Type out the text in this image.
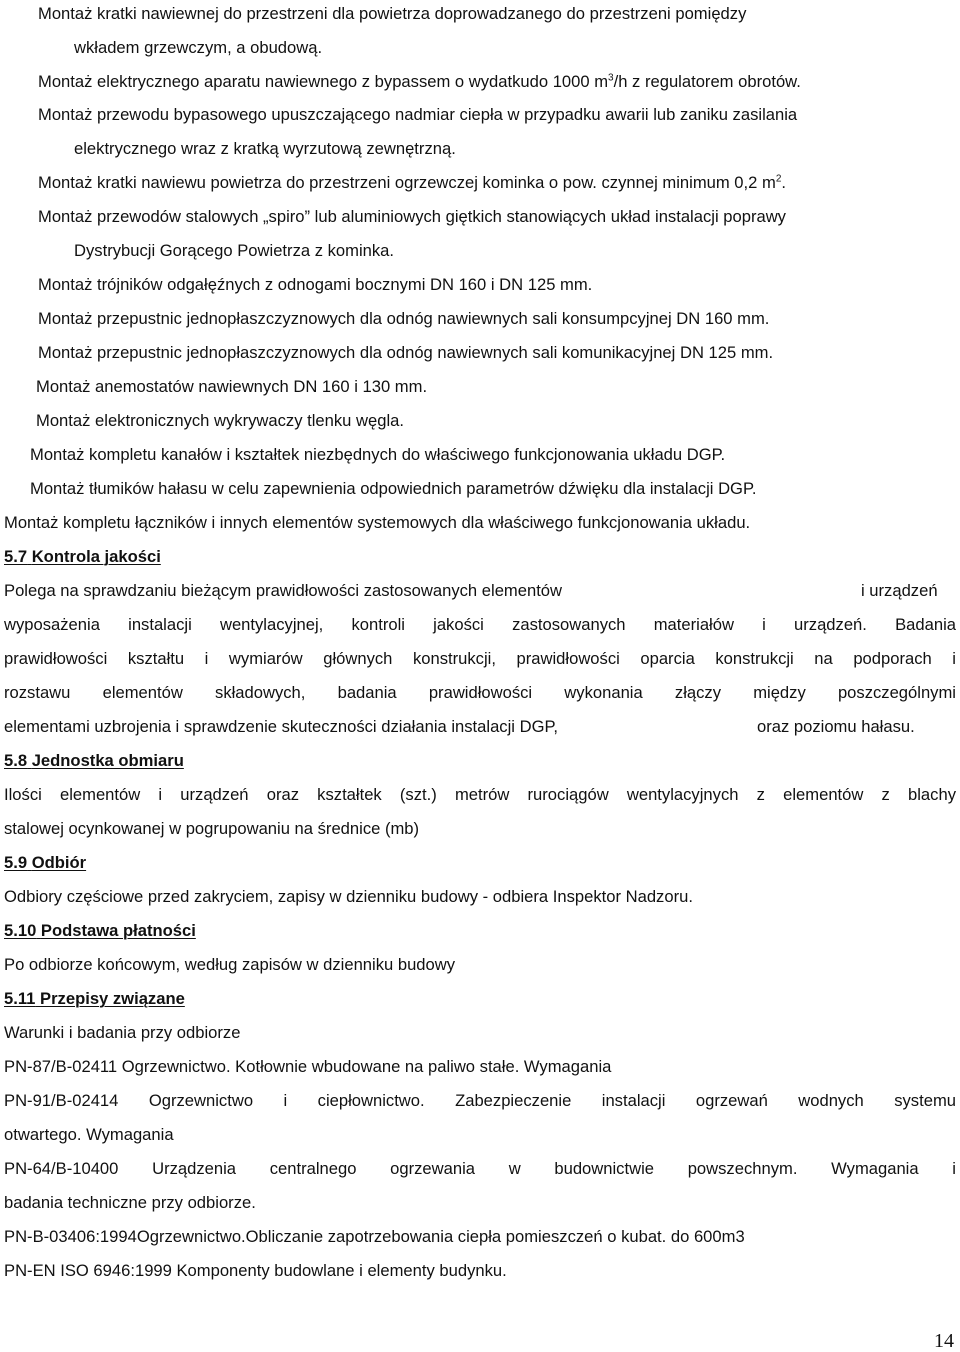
Montaż kratki nawiewnej do przestrzeni dla powietrza doprowadzanego do przestrzeni pomiędzy
wkładem grzewczym, a obudową.
Montaż elektrycznego aparatu nawiewnego z bypassem o wydatkudo 1000 $m^3/h$ z regulatorem obrotów.
Montaż przewodu bypasowego upuszczającego nadmiar ciepła w przypadku awarii lub zaniku zasilania
elektrycznego wraz z kratką wyrzutową zewnętrzną.
Montaż kratki nawiewu powietrza do przestrzeni ogrzewczej kominka o pow. czynnej minimum 0,2 $m^2$.
Montaż przewodów stalowych „spiro” lub aluminiowych giętkich stanowiących układ instalacji poprawy
Dystrybucji Gorącego Powietrza z kominka.
Montaż trójników odgałęźnych z odnogami bocznymi DN 160 i DN 125 mm.
Montaż przepustnic jednopłaszczyznowych dla odnóg nawiewnych sali konsumpcyjnej DN 160 mm.
Montaż przepustnic jednopłaszczyznowych dla odnóg nawiewnych sali komunikacyjnej DN 125 mm.
Montaż anemostatów nawiewnych DN 160 i 130 mm.
Montaż elektronicznych wykrywaczy tlenku węgla.
Montaż kompletu kanałów i kształtek niezbędnych do właściwego funkcjonowania układu DGP.
Montaż tłumików hałasu w celu zapewnienia odpowiednich parametrów dźwięku dla instalacji DGP.
Montaż kompletu łączników i innych elementów systemowych dla właściwego funkcjonowania układu.
5.7 Kontrola jakości
Polega na sprawdzaniu bieżącym prawidłowości zastosowanych elementów	i urządzeń
wyposażenia instalacji wentylacyjnej, kontroli jakości zastosowanych materiałów i urządzeń. Badania
prawidłowości kształtu i wymiarów głównych konstrukcji, prawidłowości oparcia konstrukcji na podporach i
rozstawu elementów składowych, badania prawidłowości wykonania złączy między poszczególnymi
elementami uzbrojenia i sprawdzenie skuteczności działania instalacji DGP,	oraz poziomu hałasu.
5.8 Jednostka obmiaru
Ilości elementów i urządzeń oraz kształtek (szt.) metrów rurociągów wentylacyjnych z elementów z blachy
stalowej ocynkowanej w pogrupowaniu na średnice (mb)
5.9 Odbiór
Odbiory częściowe przed zakryciem, zapisy w dzienniku budowy - odbiera Inspektor Nadzoru.
5.10 Podstawa płatności
Po odbiorze końcowym, według zapisów w dzienniku budowy
5.11 Przepisy związane
Warunki i badania przy odbiorze
PN-87/B-02411 Ogrzewnictwo. Kotłownie wbudowane na paliwo stałe. Wymagania
PN-91/B-02414 Ogrzewnictwo i ciepłownictwo. Zabezpieczenie instalacji ogrzewań wodnych systemu
otwartego. Wymagania
PN-64/B-10400 Urządzenia centralnego ogrzewania w budownictwie powszechnym. Wymagania i
badania techniczne przy odbiorze.
PN-B-03406:1994Ogrzewnictwo.Obliczanie zapotrzebowania ciepła pomieszczeń o kubat. do 600m3
PN-EN ISO 6946:1999 Komponenty budowlane i elementy budynku.
14
